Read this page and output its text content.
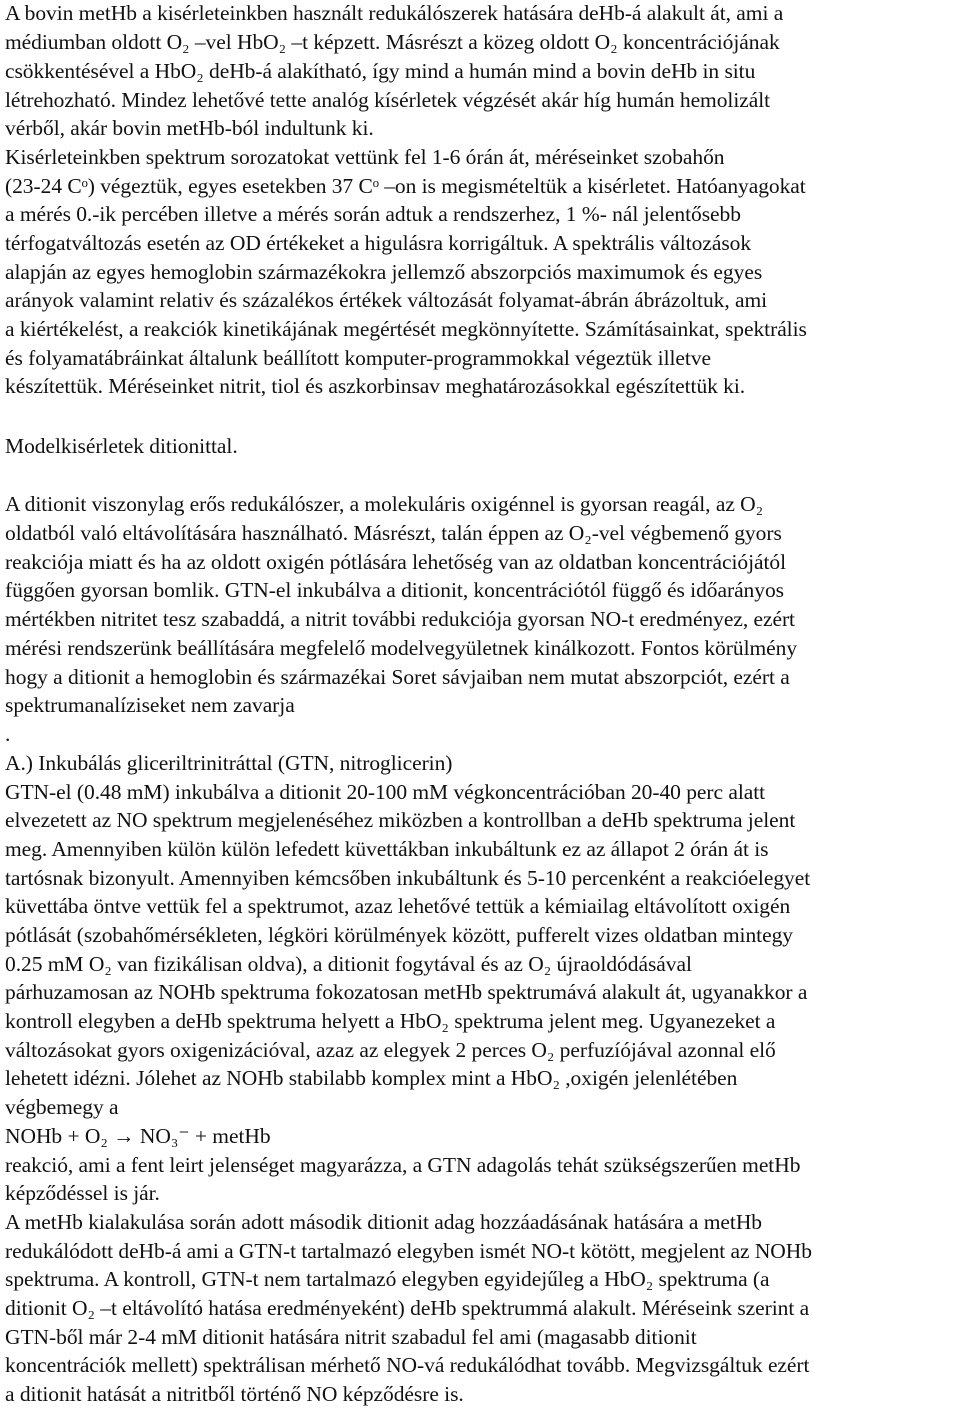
A bovin metHb a kisérleteinkben használt redukálószerek hatására deHb-á alakult át, ami a
médiumban oldott O₂ –vel HbO₂ –t képzett. Másrészt a közeg oldott O₂ koncentrációjának
csökkentésével a HbO₂ deHb-á alakítható, így mind a humán mind a bovin deHb in situ
létrehozható. Mindez lehetővé tette analóg kísérletek végzését akár híg humán hemolizált
vérből, akár bovin metHb-ból indultunk ki.
Kisérleteinkben spektrum sorozatokat vettünk fel 1-6 órán át, méréseinket szobahőn
(23-24 Cᵒ) végeztük, egyes esetekben 37 Cᵒ –on is megismételtük a kisérletet. Hatóanyagokat
a mérés 0.-ik percében illetve a mérés során adtuk a rendszerhez, 1 %- nál jelentősebb
térfogatváltozás esetén az OD értékeket a higulásra korrigáltuk. A spektrális változások
alapján az egyes hemoglobin származékokra jellemző abszorpciós maximumok és egyes
arányok valamint relativ és százalékos értékek változását folyamat-ábrán ábrázoltuk, ami
a kiértékelést, a reakciók kinetikájának megértését megkönnyítette. Számításainkat, spektrális
és folyamatábráinkat általunk beállított komputer-programmokkal végeztük illetve
készítettük. Méréseinket nitrit, tiol és aszkorbinsav meghatározásokkal egészítettük ki.
Modelkisérletek ditionittal.
A ditionit viszonylag erős redukálószer, a molekuláris oxigénnel is gyorsan reagál, az O₂
oldatból való eltávolítására használható. Másrészt, talán éppen az O₂-vel végbemenő gyors
reakciója miatt és ha az oldott oxigén pótlására lehetőség van az oldatban koncentrációjától
függően gyorsan bomlik. GTN-el inkubálva a ditionit, koncentrációtól függő és időarányos
mértékben nitritet tesz szabaddá, a nitrit további redukciója gyorsan NO-t eredményez, ezért
mérési rendszerünk beállítására megfelelő modelvegyületnek kinálkozott. Fontos körülmény
hogy a ditionit a hemoglobin és származékai Soret sávjaiban nem mutat abszorpciót, ezért a
spektrumanalíziseket nem zavarja
.
A.) Inkubálás gliceriltrinitráttal (GTN, nitroglicerin)
GTN-el (0.48 mM) inkubálva a ditionit 20-100 mM végkoncentrációban 20-40 perc alatt
elvezetett az NO spektrum megjelenéséhez miközben a kontrollban a deHb spektruma jelent
meg. Amennyiben külön külön lefedett küvettákban inkubáltunk ez az állapot 2 órán át is
tartósnak bizonyult. Amennyiben kémcsőben inkubáltunk és 5-10 percenként a reakcióelegyet
küvettába öntve vettük fel a spektrumot, azaz lehetővé tettük a kémiailag eltávolított oxigén
pótlását (szobahőmérsékleten, légköri körülmények között, pufferelt vizes oldatban mintegy
0.25 mM O₂ van fizikálisan oldva), a ditionit fogytával és az O₂ újraoldódásával
párhuzamosan az NOHb spektruma fokozatosan metHb spektrumává alakult át, ugyanakkor a
kontroll elegyben a deHb spektruma helyett a HbO₂ spektruma jelent meg. Ugyanezeket a
változásokat gyors oxigenizációval, azaz az elegyek 2 perces O₂ perfuzíójával azonnal elő
lehetett idézni. Jólehet az NOHb stabilabb komplex mint a HbO₂ ,oxigén jelenlétében
végbemegy a
NOHb + O₂ → NO₃⁻ + metHb
reakció, ami a fent leirt jelenséget magyarázza, a GTN adagolás tehát szükségszerűen metHb
képződéssel is jár.
A metHb kialakulása során adott második ditionit adag hozzáadásának hatására a metHb
redukálódott deHb-á ami a GTN-t tartalmazó elegyben ismét NO-t kötött, megjelent az NOHb
spektruma. A kontroll, GTN-t nem tartalmazó elegyben egyidejűleg a HbO₂ spektruma (a
ditionit O₂ –t eltávolító hatása eredményeként) deHb spektrummá alakult. Méréseink szerint a
GTN-ből már 2-4 mM ditionit hatására nitrit szabadul fel ami (magasabb ditionit
koncentrációk mellett) spektrálisan mérhető NO-vá redukálódhat tovább. Megvizsgáltuk ezért
a ditionit hatását a nitritből történő NO képződésre is.
